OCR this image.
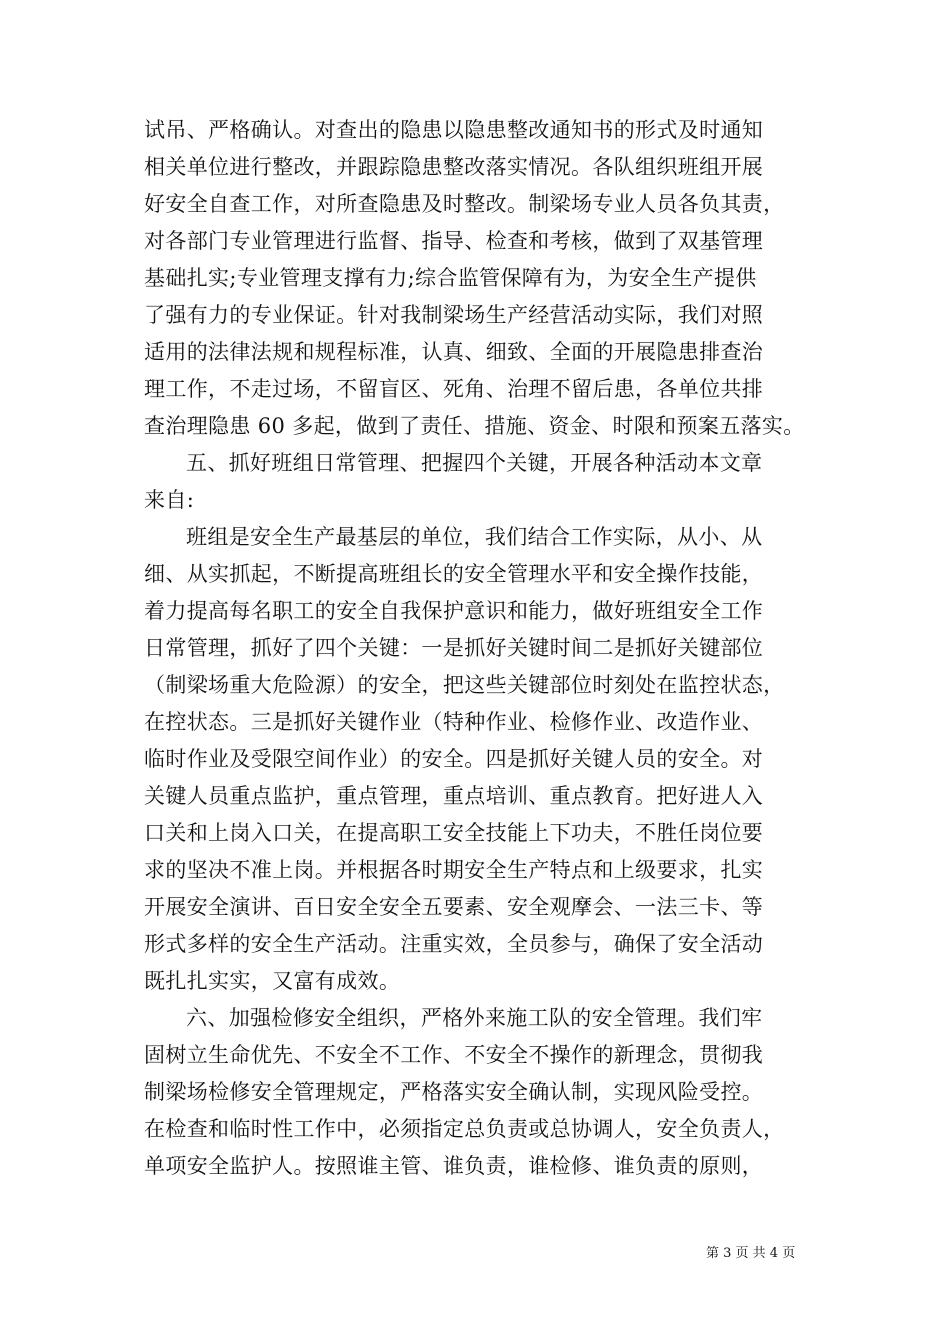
试吊、严格确认。对查出的隐患以隐患整改通知书的形式及时通知
相关单位进行整改，并跟踪隐患整改落实情况。各队组织班组开展
好安全自查工作，对所查隐患及时整改。制梁场专业人员各负其责，
对各部门专业管理进行监督、指导、检查和考核，做到了双基管理
基础扎实;专业管理支撑有力;综合监管保障有为，为安全生产提供
了强有力的专业保证。针对我制梁场生产经营活动实际，我们对照
适用的法律法规和规程标准，认真、细致、全面的开展隐患排查治
理工作，不走过场，不留盲区、死角、治理不留后患，各单位共排
查治理隐患 60 多起，做到了责任、措施、资金、时限和预案五落实。
五、抓好班组日常管理、把握四个关键，开展各种活动本文章
来自:
班组是安全生产最基层的单位，我们结合工作实际，从小、从
细、从实抓起，不断提高班组长的安全管理水平和安全操作技能，
着力提高每名职工的安全自我保护意识和能力，做好班组安全工作
日常管理，抓好了四个关键：一是抓好关键时间二是抓好关键部位
（制梁场重大危险源）的安全，把这些关键部位时刻处在监控状态，
在控状态。三是抓好关键作业（特种作业、检修作业、改造作业、
临时作业及受限空间作业）的安全。四是抓好关键人员的安全。对
关键人员重点监护，重点管理，重点培训、重点教育。把好进人入
口关和上岗入口关，在提高职工安全技能上下功夫，不胜任岗位要
求的坚决不准上岗。并根据各时期安全生产特点和上级要求，扎实
开展安全演讲、百日安全安全五要素、安全观摩会、一法三卡、等
形式多样的安全生产活动。注重实效，全员参与，确保了安全活动
既扎扎实实，又富有成效。
六、加强检修安全组织，严格外来施工队的安全管理。我们牢
固树立生命优先、不安全不工作、不安全不操作的新理念，贯彻我
制梁场检修安全管理规定，严格落实安全确认制，实现风险受控。
在检查和临时性工作中，必须指定总负责或总协调人，安全负责人，
单项安全监护人。按照谁主管、谁负责，谁检修、谁负责的原则，
第 3 页 共 4 页
